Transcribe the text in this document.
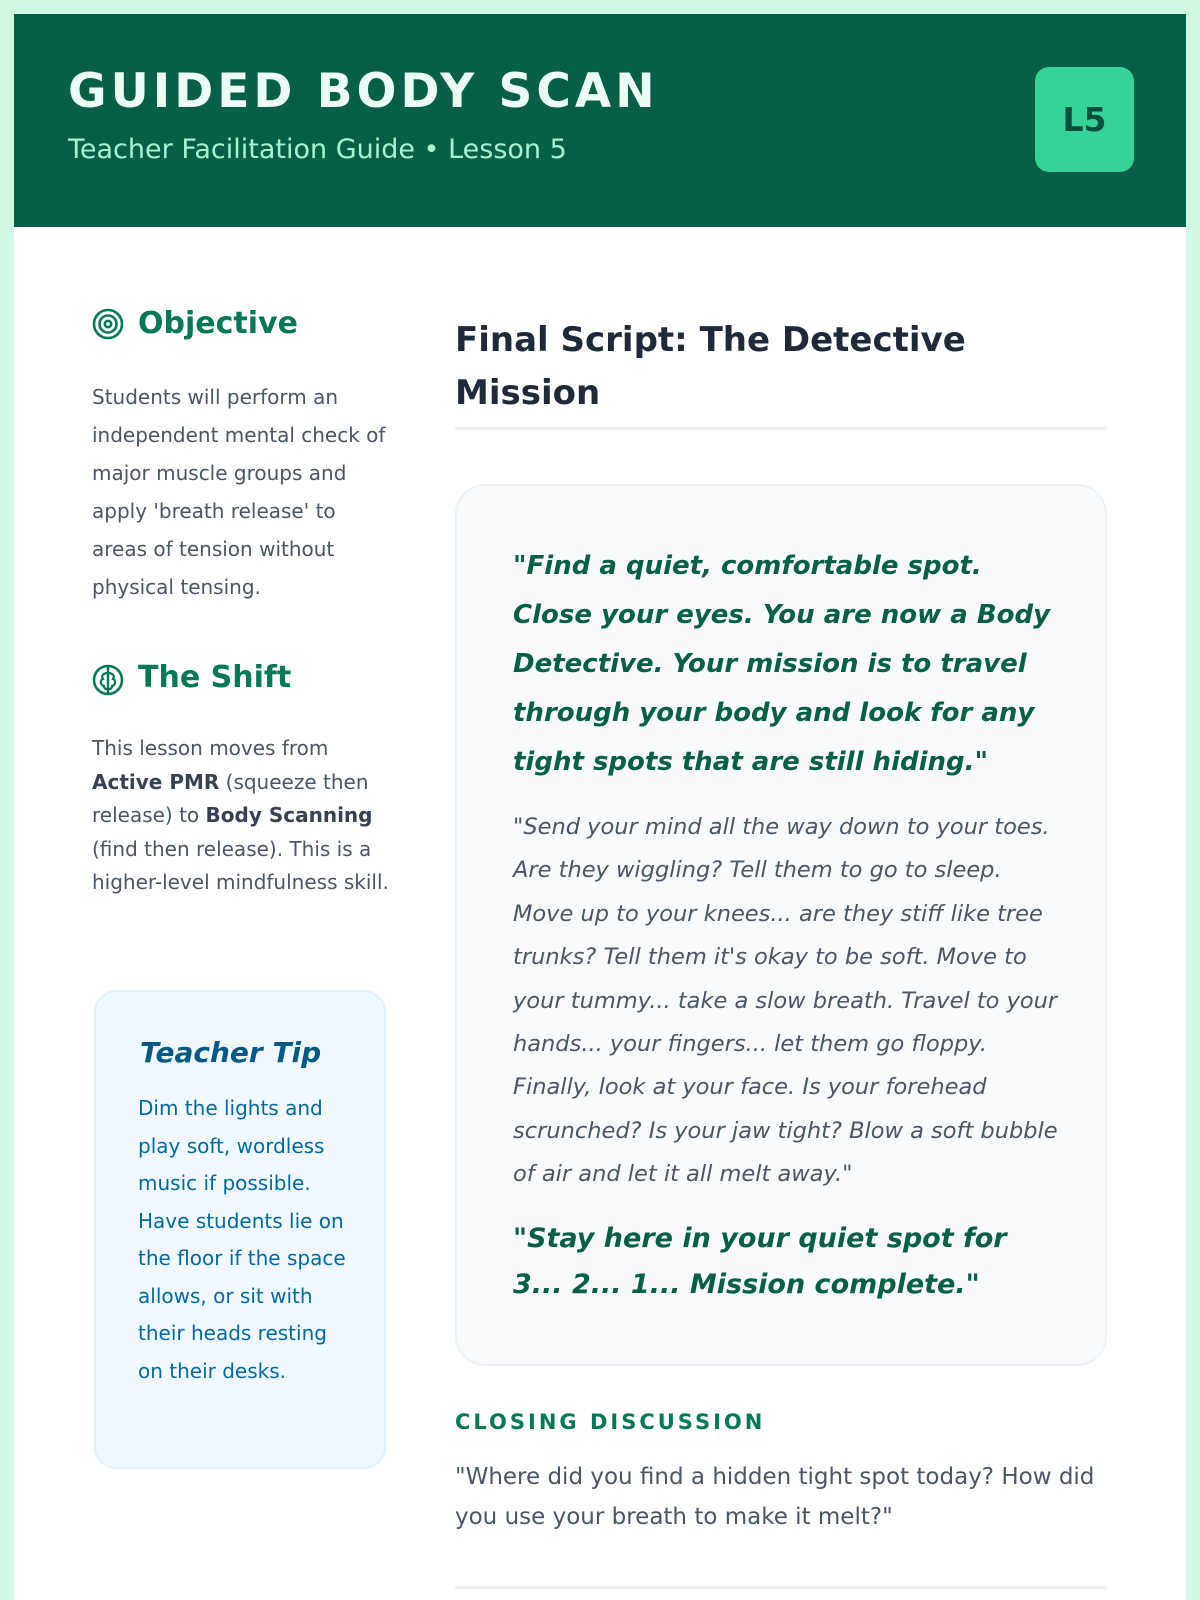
GUIDED BODY SCAN
Teacher Facilitation Guide • Lesson 5
L5
Objective
Students will perform an independent mental check of major muscle groups and apply 'breath release' to areas of tension without physical tensing.
The Shift
This lesson moves from Active PMR (squeeze then release) to Body Scanning (find then release). This is a higher-level mindfulness skill.
Teacher Tip
Dim the lights and play soft, wordless music if possible. Have students lie on the floor if the space allows, or sit with their heads resting on their desks.
Final Script: The Detective Mission
"Find a quiet, comfortable spot. Close your eyes. You are now a Body Detective. Your mission is to travel through your body and look for any tight spots that are still hiding."
"Send your mind all the way down to your toes. Are they wiggling? Tell them to go to sleep. Move up to your knees... are they stiff like tree trunks? Tell them it's okay to be soft. Move to your tummy... take a slow breath. Travel to your hands... your fingers... let them go floppy. Finally, look at your face. Is your forehead scrunched? Is your jaw tight? Blow a soft bubble of air and let it all melt away."
"Stay here in your quiet spot for 3... 2... 1... Mission complete."
CLOSING DISCUSSION
"Where did you find a hidden tight spot today? How did you use your breath to make it melt?"
